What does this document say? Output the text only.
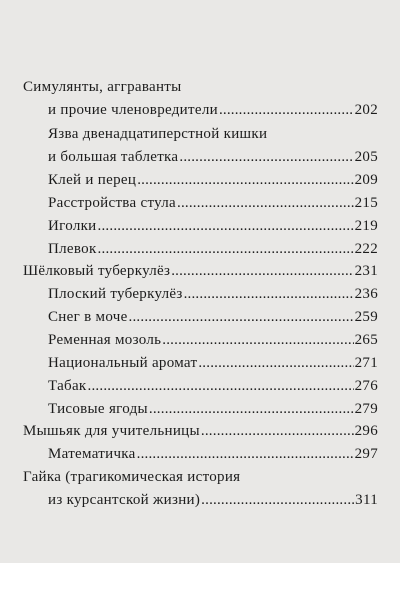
Симулянты, агграванты
и прочие членовредители .....	202
Язва двенадцатиперстной кишки
и большая таблетка .....	205
Клей и перец .....	209
Расстройства стула .....	215
Иголки .....	219
Плевок .....	222
Шёлковый туберкулёз .....	231
Плоский туберкулёз .....	236
Снег в моче .....	259
Ременная мозоль .....	265
Национальный аромат .....	271
Табак .....	276
Тисовые ягоды .....	279
Мышьяк для учительницы .....	296
Математичка .....	297
Гайка (трагикомическая история
из курсантской жизни) .....	311
